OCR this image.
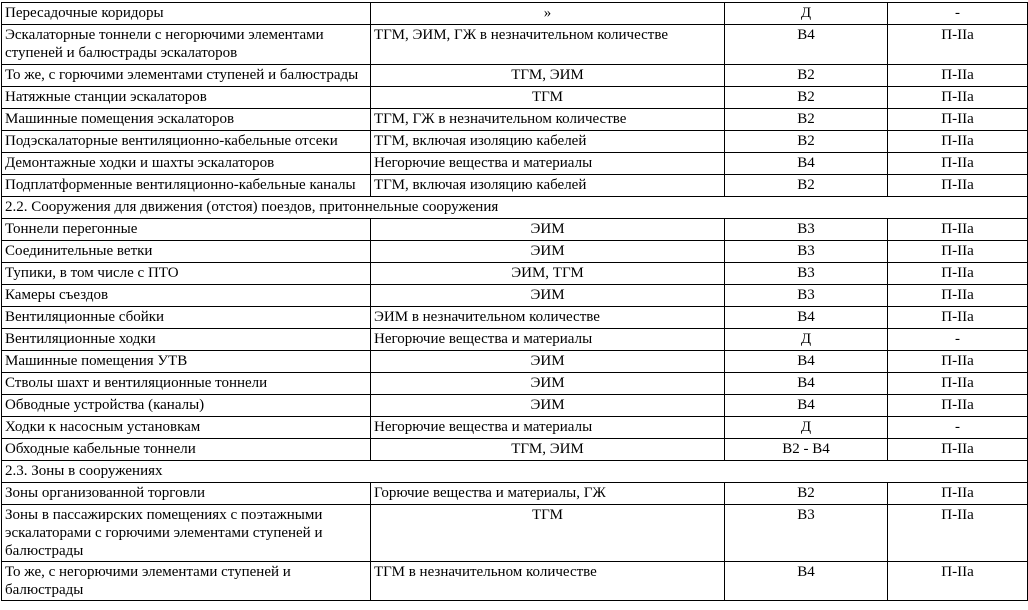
Пересадочные коридоры	»	Д	-
Эскалаторные тоннели с негорючими элементами ступеней и балюстрады эскалаторов	ТГМ, ЭИМ, ГЖ в незначительном количестве	В4	П-IIа
То же, с горючими элементами ступеней и балюстрады	ТГМ, ЭИМ	В2	П-IIа
Натяжные станции эскалаторов	ТГМ	В2	П-IIа
Машинные помещения эскалаторов	ТГМ, ГЖ в незначительном количестве	В2	П-IIа
Подэскалаторные вентиляционно-кабельные отсеки	ТГМ, включая изоляцию кабелей	В2	П-IIа
Демонтажные ходки и шахты эскалаторов	Негорючие вещества и материалы	В4	П-IIа
Подплатформенные вентиляционно-кабельные каналы	ТГМ, включая изоляцию кабелей	В2	П-IIа
2.2. Сооружения для движения (отстоя) поездов, притоннельные сооружения			
Тоннели перегонные	ЭИМ	В3	П-IIа
Соединительные ветки	ЭИМ	В3	П-IIа
Тупики, в том числе с ПТО	ЭИМ, ТГМ	В3	П-IIа
Камеры съездов	ЭИМ	В3	П-IIа
Вентиляционные сбойки	ЭИМ в незначительном количестве	В4	П-IIа
Вентиляционные ходки	Негорючие вещества и материалы	Д	-
Машинные помещения УТВ	ЭИМ	В4	П-IIа
Стволы шахт и вентиляционные тоннели	ЭИМ	В4	П-IIа
Обводные устройства (каналы)	ЭИМ	В4	П-IIа
Ходки к насосным установкам	Негорючие вещества и материалы	Д	-
Обходные кабельные тоннели	ТГМ, ЭИМ	В2 - В4	П-IIа
2.3. Зоны в сооружениях			
Зоны организованной торговли	Горючие вещества и материалы, ГЖ	В2	П-IIа
Зоны в пассажирских помещениях с поэтажными эскалаторами с горючими элементами ступеней и балюстрады	ТГМ	В3	П-IIа
То же, с негорючими элементами ступеней и балюстрады	ТГМ в незначительном количестве	В4	П-IIа
